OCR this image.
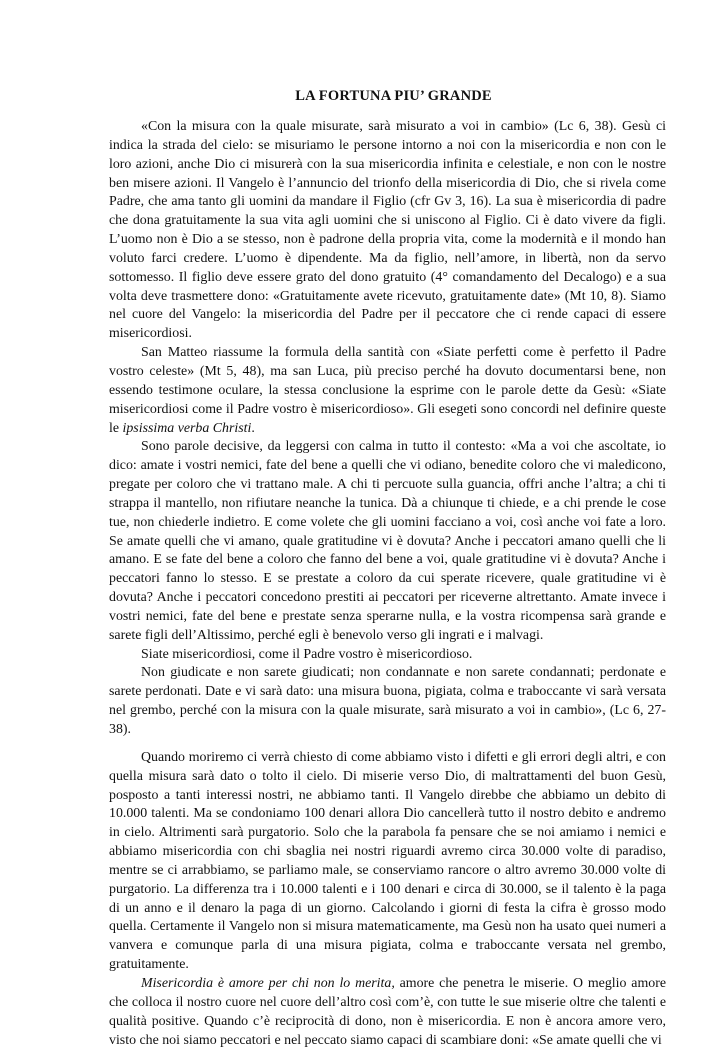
LA FORTUNA PIU’ GRANDE

«Con la misura con la quale misurate, sarà misurato a voi in cambio» (Lc 6, 38). Gesù ci indica la strada del cielo: se misuriamo le persone intorno a noi con la misericordia e non con le loro azioni, anche Dio ci misurerà con la sua misericordia infinita e celestiale, e non con le nostre ben misere azioni. Il Vangelo è l’annuncio del trionfo della misericordia di Dio, che si rivela come Padre, che ama tanto gli uomini da mandare il Figlio (cfr Gv 3, 16). La sua è misericordia di padre che dona gratuitamente la sua vita agli uomini che si uniscono al Figlio. Ci è dato vivere da figli. L’uomo non è Dio a se stesso, non è padrone della propria vita, come la modernità e il mondo han voluto farci credere. L’uomo è dipendente. Ma da figlio, nell’amore, in libertà, non da servo sottomesso. Il figlio deve essere grato del dono gratuito (4° comandamento del Decalogo) e a sua volta deve trasmettere dono: «Gratuitamente avete ricevuto, gratuitamente date» (Mt 10, 8). Siamo nel cuore del Vangelo: la misericordia del Padre per il peccatore che ci rende capaci di essere misericordiosi.

San Matteo riassume la formula della santità con «Siate perfetti come è perfetto il Padre vostro celeste» (Mt 5, 48), ma san Luca, più preciso perché ha dovuto documentarsi bene, non essendo testimone oculare, la stessa conclusione la esprime con le parole dette da Gesù: «Siate misericordiosi come il Padre vostro è misericordioso». Gli esegeti sono concordi nel definire queste le ipsissima verba Christi.

Sono parole decisive, da leggersi con calma in tutto il contesto: «Ma a voi che ascoltate, io dico: amate i vostri nemici, fate del bene a quelli che vi odiano, benedite coloro che vi maledicono, pregate per coloro che vi trattano male. A chi ti percuote sulla guancia, offri anche l’altra; a chi ti strappa il mantello, non rifiutare neanche la tunica. Dà a chiunque ti chiede, e a chi prende le cose tue, non chiederle indietro. E come volete che gli uomini facciano a voi, così anche voi fate a loro. Se amate quelli che vi amano, quale gratitudine vi è dovuta? Anche i peccatori amano quelli che li amano. E se fate del bene a coloro che fanno del bene a voi, quale gratitudine vi è dovuta? Anche i peccatori fanno lo stesso. E se prestate a coloro da cui sperate ricevere, quale gratitudine vi è dovuta? Anche i peccatori concedono prestiti ai peccatori per riceverne altrettanto. Amate invece i vostri nemici, fate del bene e prestate senza sperarne nulla, e la vostra ricompensa sarà grande e sarete figli dell’Altissimo, perché egli è benevolo verso gli ingrati e i malvagi.

Siate misericordiosi, come il Padre vostro è misericordioso.

Non giudicate e non sarete giudicati; non condannate e non sarete condannati; perdonate e sarete perdonati. Date e vi sarà dato: una misura buona, pigiata, colma e traboccante vi sarà versata nel grembo, perché con la misura con la quale misurate, sarà misurato a voi in cambio», (Lc 6, 27-38).

Quando moriremo ci verrà chiesto di come abbiamo visto i difetti e gli errori degli altri, e con quella misura sarà dato o tolto il cielo. Di miserie verso Dio, di maltrattamenti del buon Gesù, posposto a tanti interessi nostri, ne abbiamo tanti. Il Vangelo direbbe che abbiamo un debito di 10.000 talenti. Ma se condoniamo 100 denari allora Dio cancellerà tutto il nostro debito e andremo in cielo. Altrimenti sarà purgatorio. Solo che la parabola fa pensare che se noi amiamo i nemici e abbiamo misericordia con chi sbaglia nei nostri riguardi avremo circa 30.000 volte di paradiso, mentre se ci arrabbiamo, se parliamo male, se conserviamo rancore o altro avremo 30.000 volte di purgatorio. La differenza tra i 10.000 talenti e i 100 denari e circa di 30.000, se il talento è la paga di un anno e il denaro la paga di un giorno. Calcolando i giorni di festa la cifra è grosso modo quella. Certamente il Vangelo non si misura matematicamente, ma Gesù non ha usato quei numeri a vanvera e comunque parla di una misura pigiata, colma e traboccante versata nel grembo, gratuitamente.

Misericordia è amore per chi non lo merita, amore che penetra le miserie. O meglio amore che colloca il nostro cuore nel cuore dell’altro così com’è, con tutte le sue miserie oltre che talenti e qualità positive. Quando c’è reciprocità di dono, non è misericordia. E non è ancora amore vero, visto che noi siamo peccatori e nel peccato siamo capaci di scambiare doni: «Se amate quelli che vi
